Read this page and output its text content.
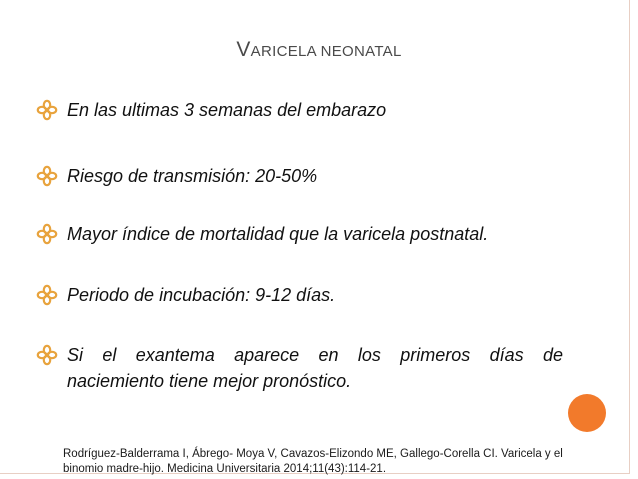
VARICELA NEONATAL
En las ultimas 3 semanas del embarazo
Riesgo de transmisión: 20-50%
Mayor índice de mortalidad que la varicela postnatal.
Periodo de incubación: 9-12 días.
Si el exantema aparece en los primeros días de
naciemiento tiene mejor pronóstico.
Rodríguez-Balderrama I, Ábrego- Moya V, Cavazos-Elizondo ME, Gallego-Corella CI. Varicela y el
binomio madre-hijo. Medicina Universitaria 2014;11(43):114-21.
